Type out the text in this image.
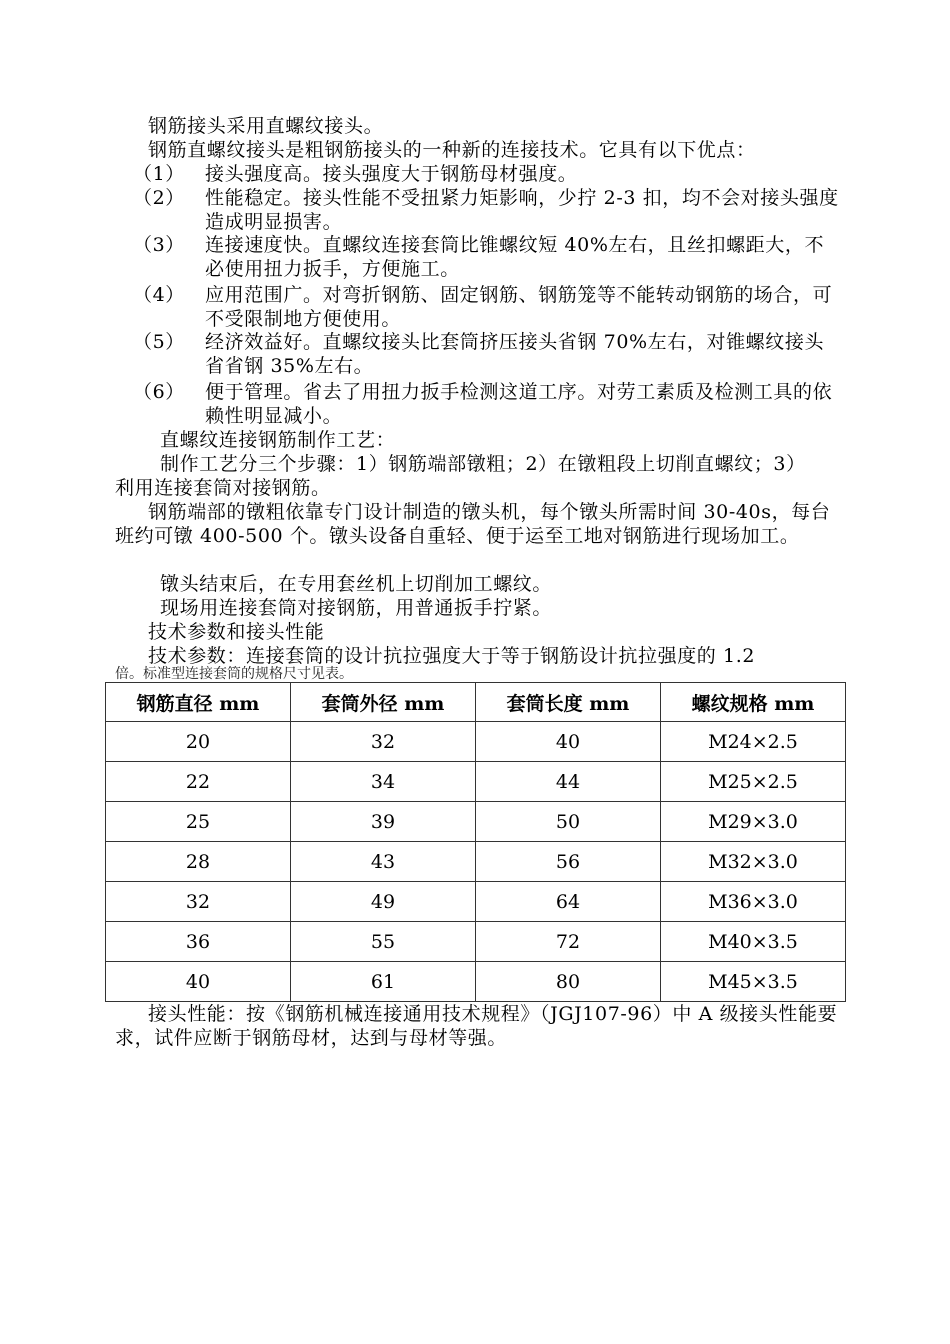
钢筋接头采用直螺纹接头。
钢筋直螺纹接头是粗钢筋接头的一种新的连接技术。它具有以下优点：
（1）	接头强度高。接头强度大于钢筋母材强度。
（2）	性能稳定。接头性能不受扭紧力矩影响，少拧 2-3 扣，均不会对接头强度造成明显损害。
（3）	连接速度快。直螺纹连接套筒比锥螺纹短 40%左右，且丝扣螺距大，不必使用扭力扳手，方便施工。
（4）	应用范围广。对弯折钢筋、固定钢筋、钢筋笼等不能转动钢筋的场合，可不受限制地方便使用。
（5）	经济效益好。直螺纹接头比套筒挤压接头省钢 70%左右，对锥螺纹接头省省钢 35%左右。
（6）	便于管理。省去了用扭力扳手检测这道工序。对劳工素质及检测工具的依赖性明显减小。
直螺纹连接钢筋制作工艺：
制作工艺分三个步骤：1）钢筋端部镦粗；2）在镦粗段上切削直螺纹；3）
利用连接套筒对接钢筋。
钢筋端部的镦粗依靠专门设计制造的镦头机，每个镦头所需时间 30-40s，每台班约可镦 400-500 个。镦头设备自重轻、便于运至工地对钢筋进行现场加工。
镦头结束后，在专用套丝机上切削加工螺纹。
现场用连接套筒对接钢筋，用普通扳手拧紧。
技术参数和接头性能
技术参数：连接套筒的设计抗拉强度大于等于钢筋设计抗拉强度的 1.2
倍。标准型连接套筒的规格尺寸见表。
钢筋直径 mm	套筒外径 mm	套筒长度 mm	螺纹规格 mm
20	32	40	M24×2.5
22	34	44	M25×2.5
25	39	50	M29×3.0
28	43	56	M32×3.0
32	49	64	M36×3.0
36	55	72	M40×3.5
40	61	80	M45×3.5
接头性能：按《钢筋机械连接通用技术规程》（JGJ107-96）中 A 级接头性能要求，试件应断于钢筋母材，达到与母材等强。
